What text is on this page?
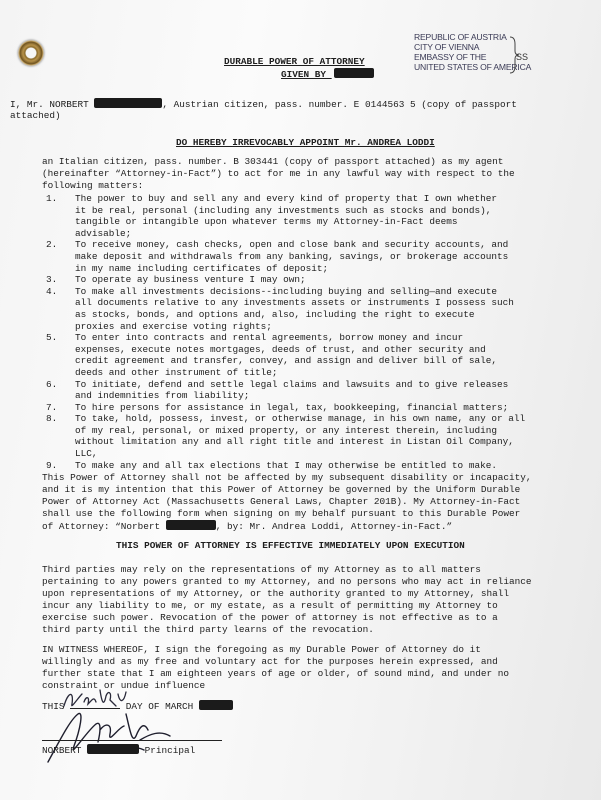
REPUBLIC OF AUSTRIA
CITY OF VIENNA
EMBASSY OF THE
UNITED STATES OF AMERICA
SS
DURABLE POWER OF ATTORNEY
GIVEN BY
I, Mr. NORBERT	, Austrian citizen, pass. number. E 0144563 5 (copy of passport
attached)
DO HEREBY IRREVOCABLY APPOINT Mr. ANDREA LODDI
an Italian citizen, pass. number. B 303441 (copy of passport attached) as my agent
(hereinafter “Attorney-in-Fact”) to act for me in any lawful way with respect to the
following matters:
1.	The power to buy and sell any and every kind of property that I own whether
it be real, personal (including any investments such as stocks and bonds),
tangible or intangible upon whatever terms my Attorney-in-Fact deems
advisable;
2.	To receive money, cash checks, open and close bank and security accounts, and
make deposit and withdrawals from any banking, savings, or brokerage accounts
in my name including certificates of deposit;
3.	To operate ay business venture I may own;
4.	To make all investments decisions--including buying and selling—and execute
all documents relative to any investments assets or instruments I possess such
as stocks, bonds, and options and, also, including the right to execute
proxies and exercise voting rights;
5.	To enter into contracts and rental agreements, borrow money and incur
expenses, execute notes mortgages, deeds of trust, and other security and
credit agreement and transfer, convey, and assign and deliver bill of sale,
deeds and other instrument of title;
6.	To initiate, defend and settle legal claims and lawsuits and to give releases
and indemnities from liability;
7.	To hire persons for assistance in legal, tax, bookkeeping, financial matters;
8.	To take, hold, possess, invest, or otherwise manage, in his own name, any or all
of my real, personal, or mixed property, or any interest therein, including
without limitation any and all right title and interest in Listan Oil Company,
LLC,
9.	To make any and all tax elections that I may otherwise be entitled to make.
This Power of Attorney shall not be affected by my subsequent disability or incapacity,
and it is my intention that this Power of Attorney be governed by the Uniform Durable
Power of Attorney Act (Massachusetts General Laws, Chapter 201B). My Attorney-in-Fact
shall use the following form when signing on my behalf pursuant to this Durable Power
of Attorney: “Norbert	, by: Mr. Andrea Loddi, Attorney-in-Fact.”
THIS POWER OF ATTORNEY IS EFFECTIVE IMMEDIATELY UPON EXECUTION
Third parties may rely on the representations of my Attorney as to all matters
pertaining to any powers granted to my Attorney, and no persons who may act in reliance
upon representations of my Attorney, or the authority granted to my Attorney, shall
incur any liability to me, or my estate, as a result of permitting my Attorney to
exercise such power. Revocation of the power of attorney is not effective as to a
third party until the third party learns of the revocation.
IN WITNESS WHEREOF, I sign the foregoing as my Durable Power of Attorney do it
willingly and as my free and voluntary act for the purposes herein expressed, and
further state that I am eighteen years of age or older, of sound mind, and under no
constraint or undue influence
THIS	DAY OF MARCH
NORBERT	Principal
